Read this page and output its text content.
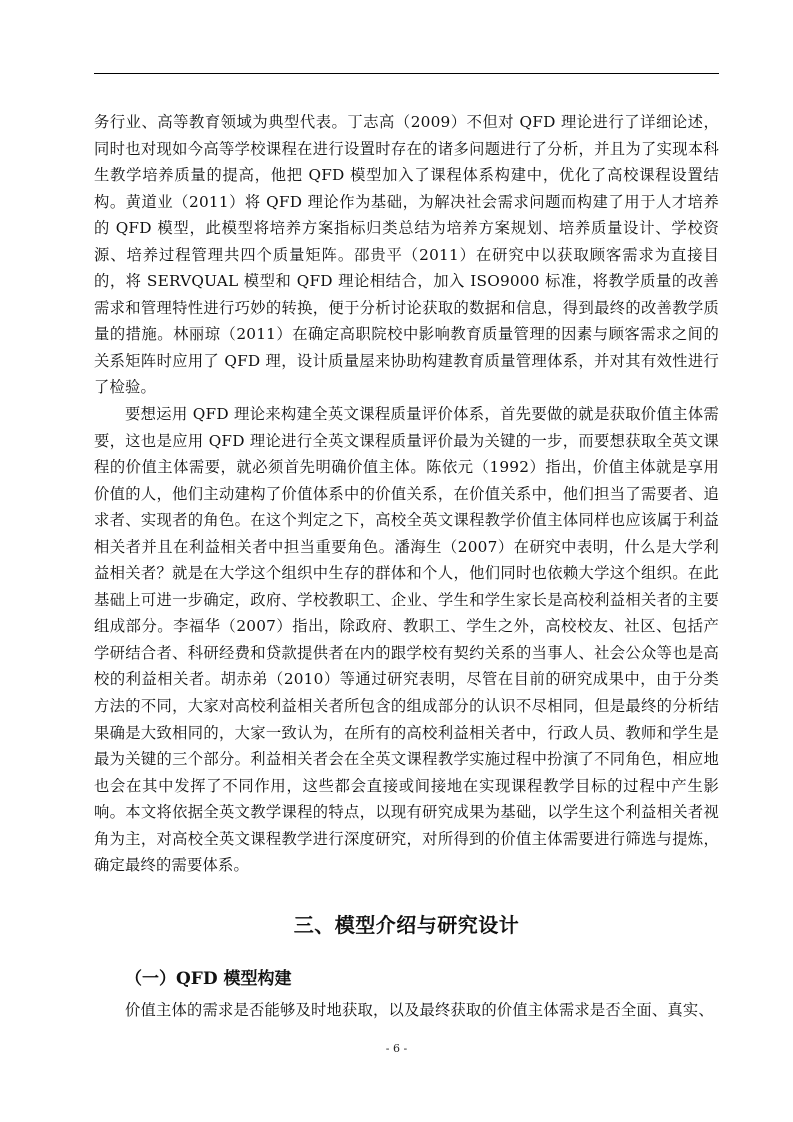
务行业、高等教育领域为典型代表。丁志高（2009）不但对 QFD 理论进行了详细论述，同时也对现如今高等学校课程在进行设置时存在的诸多问题进行了分析，并且为了实现本科生教学培养质量的提高，他把 QFD 模型加入了课程体系构建中，优化了高校课程设置结构。黄道业（2011）将 QFD 理论作为基础，为解决社会需求问题而构建了用于人才培养的 QFD 模型，此模型将培养方案指标归类总结为培养方案规划、培养质量设计、学校资源、培养过程管理共四个质量矩阵。邵贵平（2011）在研究中以获取顾客需求为直接目的，将 SERVQUAL 模型和 QFD 理论相结合，加入 ISO9000 标准，将教学质量的改善需求和管理特性进行巧妙的转换，便于分析讨论获取的数据和信息，得到最终的改善教学质量的措施。林丽琼（2011）在确定高职院校中影响教育质量管理的因素与顾客需求之间的关系矩阵时应用了 QFD 理，设计质量屋来协助构建教育质量管理体系，并对其有效性进行了检验。

要想运用 QFD 理论来构建全英文课程质量评价体系，首先要做的就是获取价值主体需要，这也是应用 QFD 理论进行全英文课程质量评价最为关键的一步，而要想获取全英文课程的价值主体需要，就必须首先明确价值主体。陈依元（1992）指出，价值主体就是享用价值的人，他们主动建构了价值体系中的价值关系，在价值关系中，他们担当了需要者、追求者、实现者的角色。在这个判定之下，高校全英文课程教学价值主体同样也应该属于利益相关者并且在利益相关者中担当重要角色。潘海生（2007）在研究中表明，什么是大学利益相关者？就是在大学这个组织中生存的群体和个人，他们同时也依赖大学这个组织。在此基础上可进一步确定，政府、学校教职工、企业、学生和学生家长是高校利益相关者的主要组成部分。李福华（2007）指出，除政府、教职工、学生之外，高校校友、社区、包括产学研结合者、科研经费和贷款提供者在内的跟学校有契约关系的当事人、社会公众等也是高校的利益相关者。胡赤弟（2010）等通过研究表明，尽管在目前的研究成果中，由于分类方法的不同，大家对高校利益相关者所包含的组成部分的认识不尽相同，但是最终的分析结果确是大致相同的，大家一致认为，在所有的高校利益相关者中，行政人员、教师和学生是最为关键的三个部分。利益相关者会在全英文课程教学实施过程中扮演了不同角色，相应地也会在其中发挥了不同作用，这些都会直接或间接地在实现课程教学目标的过程中产生影响。本文将依据全英文教学课程的特点，以现有研究成果为基础，以学生这个利益相关者视角为主，对高校全英文课程教学进行深度研究，对所得到的价值主体需要进行筛选与提炼，确定最终的需要体系。

三、模型介绍与研究设计
（一）QFD 模型构建

价值主体的需求是否能够及时地获取，以及最终获取的价值主体需求是否全面、真实、

- 6 -
